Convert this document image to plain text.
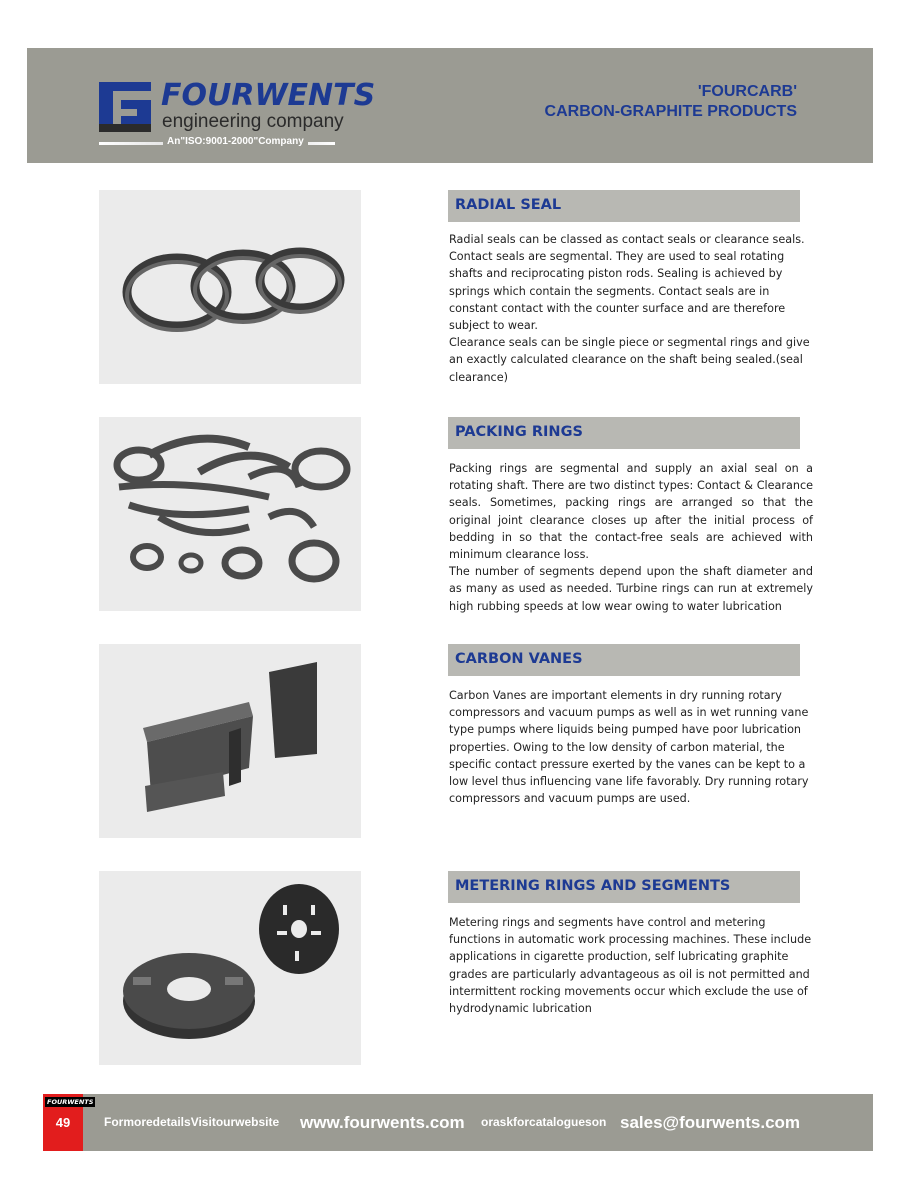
FOURWENTS
engineering company
An"ISO:9001-2000"Company
'FOURCARB'
CARBON-GRAPHITE PRODUCTS
RADIAL SEAL

Radial seals can be classed as contact seals or clearance seals. Contact seals are segmental. They are used to seal rotating shafts and reciprocating piston rods. Sealing is achieved by springs which contain the segments. Contact seals are in constant contact with the counter surface and are therefore subject to wear.

Clearance seals can be single piece or segmental rings and give an exactly calculated clearance on the shaft being sealed.(seal clearance)

PACKING RINGS

Packing rings are segmental and supply an axial seal on a rotating shaft. There are two distinct types: Contact & Clearance seals. Sometimes, packing rings are arranged so that the original joint clearance closes up after the initial process of bedding in so that the contact-free seals are achieved with minimum clearance loss.

The number of segments depend upon the shaft diameter and as many as used as needed. Turbine rings can run at extremely high rubbing speeds at low wear owing to water lubrication

CARBON VANES

Carbon Vanes are important elements in dry running rotary compressors and vacuum pumps as well as in wet running vane type pumps where liquids being pumped have poor lubrication properties. Owing to the low density of carbon material, the specific contact pressure exerted by the vanes can be kept to a low level thus influencing vane life favorably. Dry running rotary compressors and vacuum pumps are used.

METERING RINGS AND SEGMENTS

Metering rings and segments have control and metering functions in automatic work processing machines. These include applications in cigarette production, self lubricating graphite grades are particularly advantageous as oil is not permitted and intermittent rocking movements occur which exclude the use of hydrodynamic lubrication

FOURWENTS
49	FormoredetailsVisitourwebsite www.fourwents.com oraskforcatalogueson sales@fourwents.com
